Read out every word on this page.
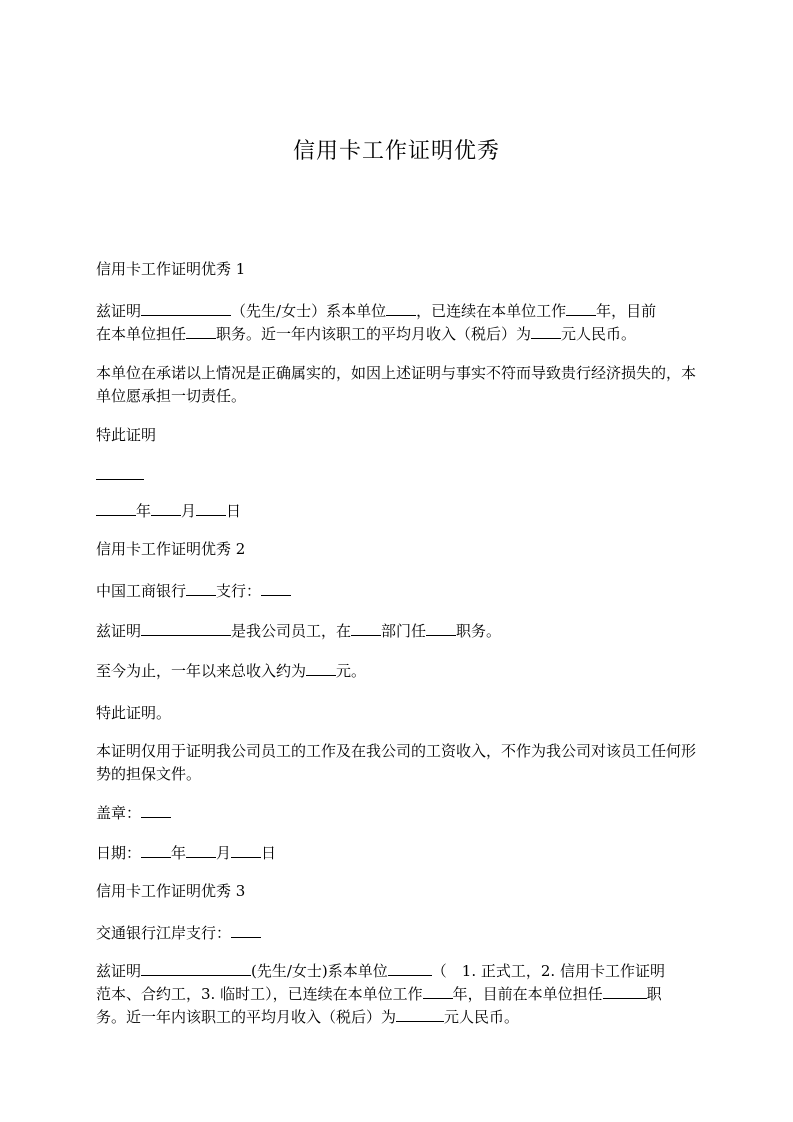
信用卡工作证明优秀

信用卡工作证明优秀 1

兹证明	（先生/女士）系本单位 ，已连续在本单位工作 年，目前

在本单位担任 职务。近一年内该职工的平均月收入（税后）为 元人民币。

本单位在承诺以上情况是正确属实的，如因上述证明与事实不符而导致贵行经济损失的，本单位愿承担一切责任。

特此证明

年 月 日

信用卡工作证明优秀 2

中国工商银行 支行：

兹证明	是我公司员工，在 部门任 职务。

至今为止，一年以来总收入约为 元。

特此证明。

本证明仅用于证明我公司员工的工作及在我公司的工资收入，不作为我公司对该员工任何形势的担保文件。

盖章：

日期： 年 月 日

信用卡工作证明优秀 3

交通银行江岸支行：

兹证明	(先生/女士)系本单位	（　1. 正式工，2. 信用卡工作证明

范本、合约工，3. 临时工），已连续在本单位工作 年，目前在本单位担任	职

务。近一年内该职工的平均月收入（税后）为	元人民币。
